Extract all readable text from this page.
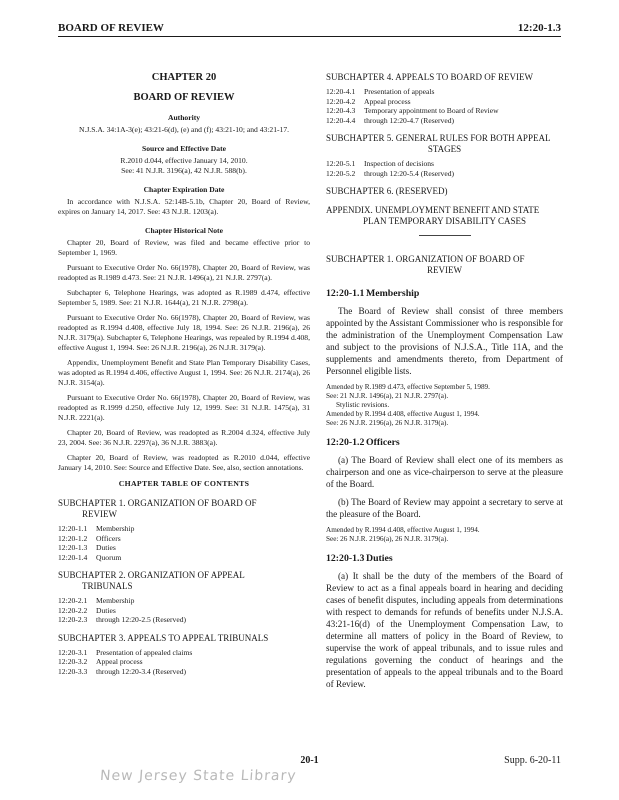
BOARD OF REVIEW	12:20-1.3
CHAPTER 20
BOARD OF REVIEW
Authority

N.J.S.A. 34:1A-3(e); 43:21-6(d), (e) and (f); 43:21-10; and 43:21-17.

Source and Effective Date

R.2010 d.044, effective January 14, 2010.

See: 41 N.J.R. 3196(a), 42 N.J.R. 588(b).

Chapter Expiration Date

In accordance with N.J.S.A. 52:14B-5.1b, Chapter 20, Board of Review, expires on January 14, 2017. See: 43 N.J.R. 1203(a).

Chapter Historical Note

Chapter 20, Board of Review, was filed and became effective prior to September 1, 1969.

Pursuant to Executive Order No. 66(1978), Chapter 20, Board of Review, was readopted as R.1989 d.473. See: 21 N.J.R. 1496(a), 21 N.J.R. 2797(a).

Subchapter 6, Telephone Hearings, was adopted as R.1989 d.474, effective September 5, 1989. See: 21 N.J.R. 1644(a), 21 N.J.R. 2798(a).

Pursuant to Executive Order No. 66(1978), Chapter 20, Board of Review, was readopted as R.1994 d.408, effective July 18, 1994. See: 26 N.J.R. 2196(a), 26 N.J.R. 3179(a). Subchapter 6, Telephone Hearings, was repealed by R.1994 d.408, effective August 1, 1994. See: 26 N.J.R. 2196(a), 26 N.J.R. 3179(a).

Appendix, Unemployment Benefit and State Plan Temporary Disability Cases, was adopted as R.1994 d.406, effective August 1, 1994. See: 26 N.J.R. 2174(a), 26 N.J.R. 3154(a).

Pursuant to Executive Order No. 66(1978), Chapter 20, Board of Review, was readopted as R.1999 d.250, effective July 12, 1999. See: 31 N.J.R. 1475(a), 31 N.J.R. 2221(a).

Chapter 20, Board of Review, was readopted as R.2004 d.324, effective July 23, 2004. See: 36 N.J.R. 2297(a), 36 N.J.R. 3883(a).

Chapter 20, Board of Review, was readopted as R.2010 d.044, effective January 14, 2010. See: Source and Effective Date. See, also, section annotations.

CHAPTER TABLE OF CONTENTS

SUBCHAPTER 1. ORGANIZATION OF BOARD OF
REVIEW

12:20-1.1 Membership

12:20-1.2 Officers

12:20-1.3 Duties

12:20-1.4 Quorum

SUBCHAPTER 2. ORGANIZATION OF APPEAL
TRIBUNALS

12:20-2.1 Membership

12:20-2.2 Duties

12:20-2.3 through 12:20-2.5 (Reserved)

SUBCHAPTER 3. APPEALS TO APPEAL TRIBUNALS

12:20-3.1 Presentation of appealed claims

12:20-3.2 Appeal process

12:20-3.3 through 12:20-3.4 (Reserved)

SUBCHAPTER 4. APPEALS TO BOARD OF REVIEW

12:20-4.1 Presentation of appeals

12:20-4.2 Appeal process

12:20-4.3 Temporary appointment to Board of Review

12:20-4.4 through 12:20-4.7 (Reserved)

SUBCHAPTER 5. GENERAL RULES FOR BOTH APPEAL
STAGES

12:20-5.1 Inspection of decisions

12:20-5.2 through 12:20-5.4 (Reserved)

SUBCHAPTER 6. (RESERVED)

APPENDIX. UNEMPLOYMENT BENEFIT AND STATE
PLAN TEMPORARY DISABILITY CASES

SUBCHAPTER 1. ORGANIZATION OF BOARD OF
REVIEW

12:20-1.1 Membership

The Board of Review shall consist of three members appointed by the Assistant Commissioner who is responsible for the administration of the Unemployment Compensation Law and subject to the provisions of N.J.S.A., Title 11A, and the supplements and amendments thereto, from Department of Personnel eligible lists.

Amended by R.1989 d.473, effective September 5, 1989.

See: 21 N.J.R. 1496(a), 21 N.J.R. 2797(a).

Stylistic revisions.

Amended by R.1994 d.408, effective August 1, 1994.

See: 26 N.J.R. 2196(a), 26 N.J.R. 3179(a).

12:20-1.2 Officers

(a) The Board of Review shall elect one of its members as chairperson and one as vice-chairperson to serve at the pleasure of the Board.

(b) The Board of Review may appoint a secretary to serve at the pleasure of the Board.

Amended by R.1994 d.408, effective August 1, 1994.

See: 26 N.J.R. 2196(a), 26 N.J.R. 3179(a).

12:20-1.3 Duties

(a) It shall be the duty of the members of the Board of Review to act as a final appeals board in hearing and deciding cases of benefit disputes, including appeals from determinations with respect to demands for refunds of benefits under N.J.S.A. 43:21-16(d) of the Unemployment Compensation Law, to determine all matters of policy in the Board of Review, to supervise the work of appeal tribunals, and to issue rules and regulations governing the conduct of hearings and the presentation of appeals to the appeal tribunals and to the Board of Review.

20-1	Supp. 6-20-11
New Jersey State Library
